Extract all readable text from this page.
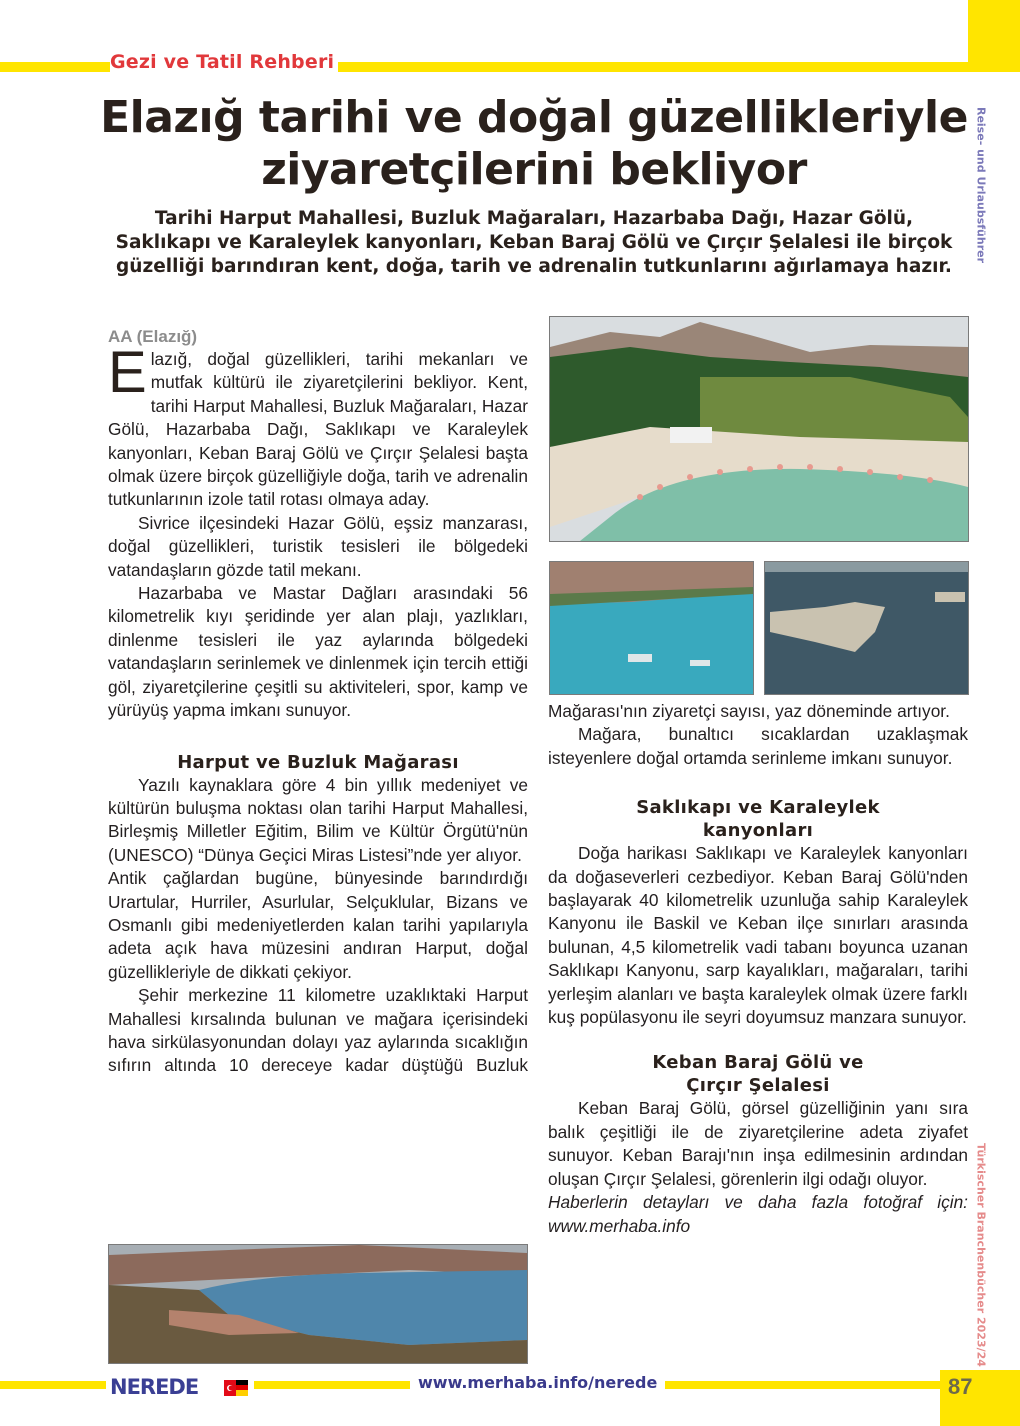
Gezi ve Tatil Rehberi
Reise- und Urlaubsführer
Türkischer Branchenbücher 2023/24
Elazığ tarihi ve doğal güzellikleriyle
ziyaretçilerini bekliyor
Tarihi Harput Mahallesi, Buzluk Mağaraları, Hazarbaba Dağı, Hazar Gölü, Saklıkapı ve Karaleylek kanyonları, Keban Baraj Gölü ve Çırçır Şelalesi ile birçok güzelliği barındıran kent, doğa, tarih ve adrenalin tutkunlarını ağırlamaya hazır.
AA (Elazığ)

Elazığ, doğal güzellikleri, tarihi mekanları ve mutfak kültürü ile ziyaretçilerini bekliyor. Kent, tarihi Harput Mahallesi, Buzluk Mağaraları, Hazar Gölü, Hazarbaba Dağı, Saklıkapı ve Karaleylek kanyonları, Keban Baraj Gölü ve Çırçır Şelalesi başta olmak üzere birçok güzelliğiyle doğa, tarih ve adrenalin tutkunlarının izole tatil rotası olmaya aday.

Sivrice ilçesindeki Hazar Gölü, eşsiz manzarası, doğal güzellikleri, turistik tesisleri ile bölgedeki vatandaşların gözde tatil mekanı.

Hazarbaba ve Mastar Dağları arasındaki 56 kilometrelik kıyı şeridinde yer alan plajı, yazlıkları, dinlenme tesisleri ile yaz aylarında bölgedeki vatandaşların serinlemek ve dinlenmek için tercih ettiği göl, ziyaretçilerine çeşitli su aktiviteleri, spor, kamp ve yürüyüş yapma imkanı sunuyor.

Harput ve Buzluk Mağarası

Yazılı kaynaklara göre 4 bin yıllık medeniyet ve kültürün buluşma noktası olan tarihi Harput Mahallesi, Birleşmiş Milletler Eğitim, Bilim ve Kültür Örgütü'nün (UNESCO) “Dünya Geçici Miras Listesi”nde yer alıyor.

Antik çağlardan bugüne, bünyesinde barındırdığı Urartular, Hurriler, Asurlular, Selçuklular, Bizans ve Osmanlı gibi medeniyetlerden kalan tarihi yapılarıyla adeta açık hava müzesini andıran Harput, doğal güzellikleriyle de dikkati çekiyor.

Şehir merkezine 11 kilometre uzaklıktaki Harput Mahallesi kırsalında bulunan ve mağara içerisindeki hava sirkülasyonundan dolayı yaz aylarında sıcaklığın sıfırın altında 10 dereceye kadar düştüğü Buzluk

Mağarası'nın ziyaretçi sayısı, yaz döneminde artıyor.

Mağara, bunaltıcı sıcaklardan uzaklaşmak isteyenlere doğal ortamda serinleme imkanı sunuyor.

Saklıkapı ve Karaleylek
kanyonları

Doğa harikası Saklıkapı ve Karaleylek kanyonları da doğaseverleri cezbediyor. Keban Baraj Gölü'nden başlayarak 40 kilometrelik uzunluğa sahip Karaleylek Kanyonu ile Baskil ve Keban ilçe sınırları arasında bulunan, 4,5 kilometrelik vadi tabanı boyunca uzanan Saklıkapı Kanyonu, sarp kayalıkları, mağaraları, tarihi yerleşim alanları ve başta karaleylek olmak üzere farklı kuş popülasyonu ile seyri doyumsuz manzara sunuyor.

Keban Baraj Gölü ve
Çırçır Şelalesi

Keban Baraj Gölü, görsel güzelliğinin yanı sıra balık çeşitliği ile de ziyaretçilerine adeta ziyafet sunuyor. Keban Barajı'nın inşa edilmesinin ardından oluşan Çırçır Şelalesi, görenlerin ilgi odağı oluyor.

Haberlerin detayları ve daha fazla fotoğraf için: www.merhaba.info

87
www.merhaba.info/nerede
NEREDE
